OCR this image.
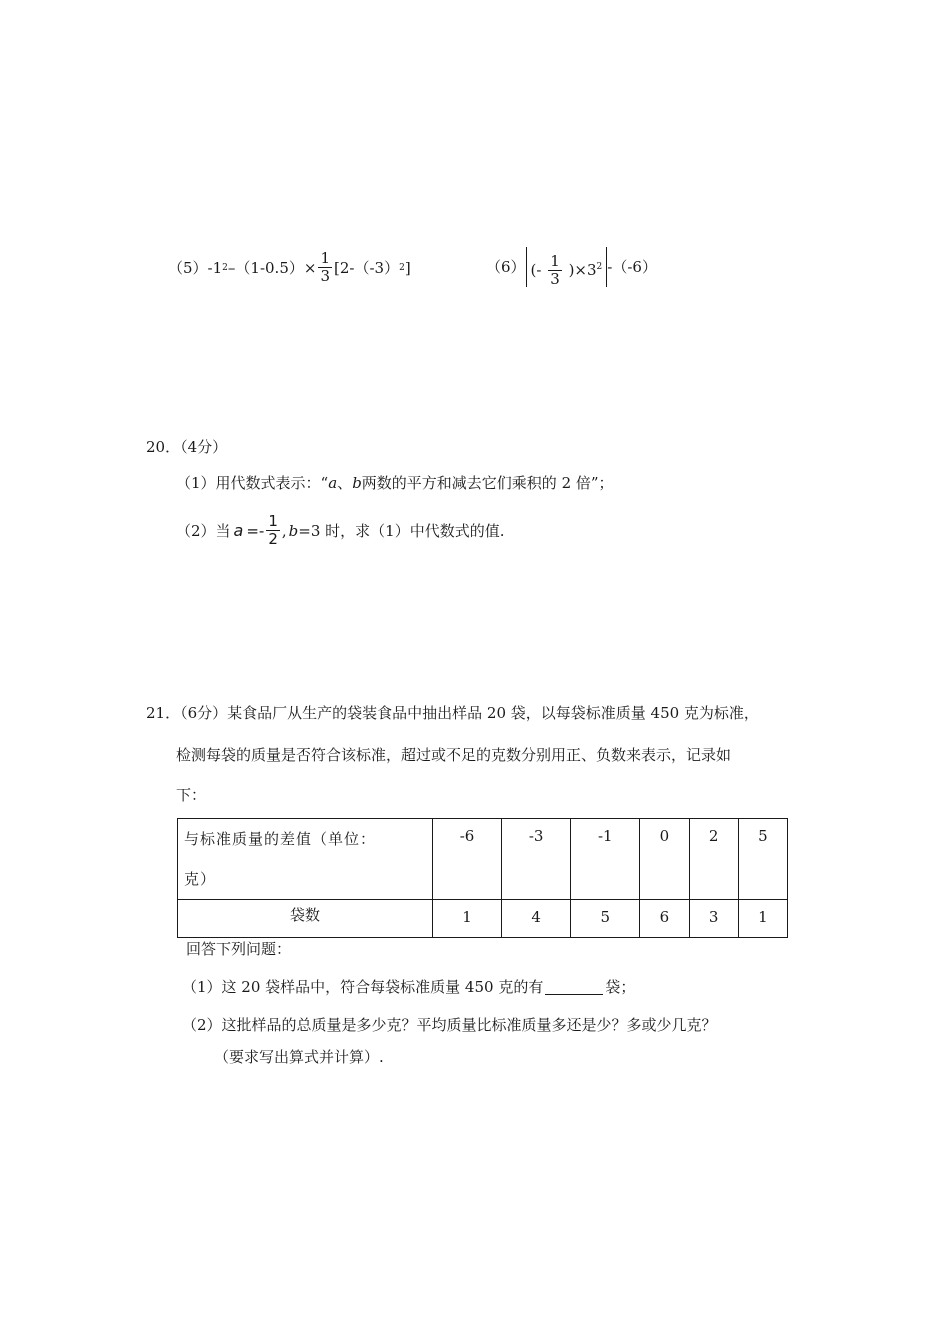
（5） -1 2 $-(1-0.5)\times \frac{1}{3} [2-(-3)$ 2 ]	（6） (- $\frac{1}{3} )\times 3^2$ -（-6）
20．（4分）
（1）用代数式表示：“a、b两数的平方和减去它们乘积的 2 倍”；
（2）当 $a =- \frac{1}{2}$ , b =3 时，求（1）中代数式的值.
21．（6分）某食品厂从生产的袋装食品中抽出样品 20 袋，以每袋标准质量 450 克为标准，
检测每袋的质量是否符合该标准，超过或不足的克数分别用正、负数来表示，记录如
下：
与标准质量的差值（单位：
克）	-6	-3	-1	0	2	5
袋数	1	4	5	6	3	1
回答下列问题：
（1）这 20 袋样品中，符合每袋标准质量 450 克的有	袋；
（2）这批样品的总质量是多少克？平均质量比标准质量多还是少？多或少几克？
（要求写出算式并计算）.
